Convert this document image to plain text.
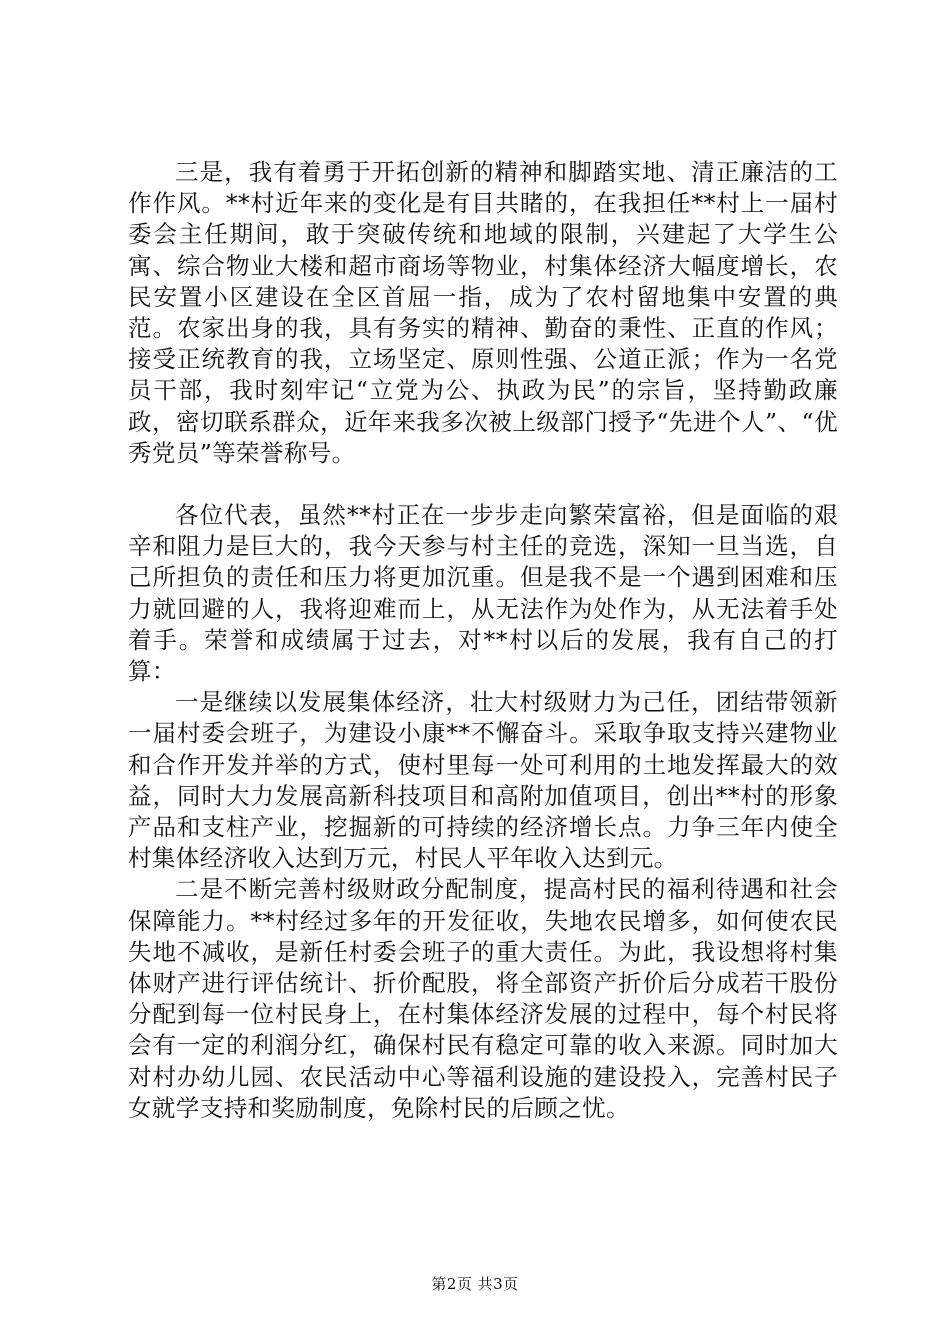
三是，我有着勇于开拓创新的精神和脚踏实地、清正廉洁的工作作风。**村近年来的变化是有目共睹的，在我担任**村上一届村委会主任期间，敢于突破传统和地域的限制，兴建起了大学生公寓、综合物业大楼和超市商场等物业，村集体经济大幅度增长，农民安置小区建设在全区首屈一指，成为了农村留地集中安置的典范。农家出身的我，具有务实的精神、勤奋的秉性、正直的作风；接受正统教育的我，立场坚定、原则性强、公道正派；作为一名党员干部，我时刻牢记“立党为公、执政为民”的宗旨，坚持勤政廉政，密切联系群众，近年来我多次被上级部门授予“先进个人”、“优秀党员”等荣誉称号。

各位代表，虽然**村正在一步步走向繁荣富裕，但是面临的艰辛和阻力是巨大的，我今天参与村主任的竞选，深知一旦当选，自己所担负的责任和压力将更加沉重。但是我不是一个遇到困难和压力就回避的人，我将迎难而上，从无法作为处作为，从无法着手处着手。荣誉和成绩属于过去，对**村以后的发展，我有自己的打算：

一是继续以发展集体经济，壮大村级财力为己任，团结带领新一届村委会班子，为建设小康**不懈奋斗。采取争取支持兴建物业和合作开发并举的方式，使村里每一处可利用的土地发挥最大的效益，同时大力发展高新科技项目和高附加值项目，创出**村的形象产品和支柱产业，挖掘新的可持续的经济增长点。力争三年内使全村集体经济收入达到万元，村民人平年收入达到元。

二是不断完善村级财政分配制度，提高村民的福利待遇和社会保障能力。**村经过多年的开发征收，失地农民增多，如何使农民失地不减收，是新任村委会班子的重大责任。为此，我设想将村集体财产进行评估统计、折价配股，将全部资产折价后分成若干股份分配到每一位村民身上，在村集体经济发展的过程中，每个村民将会有一定的利润分红，确保村民有稳定可靠的收入来源。同时加大对村办幼儿园、农民活动中心等福利设施的建设投入，完善村民子女就学支持和奖励制度，免除村民的后顾之忧。

第2页 共3页
